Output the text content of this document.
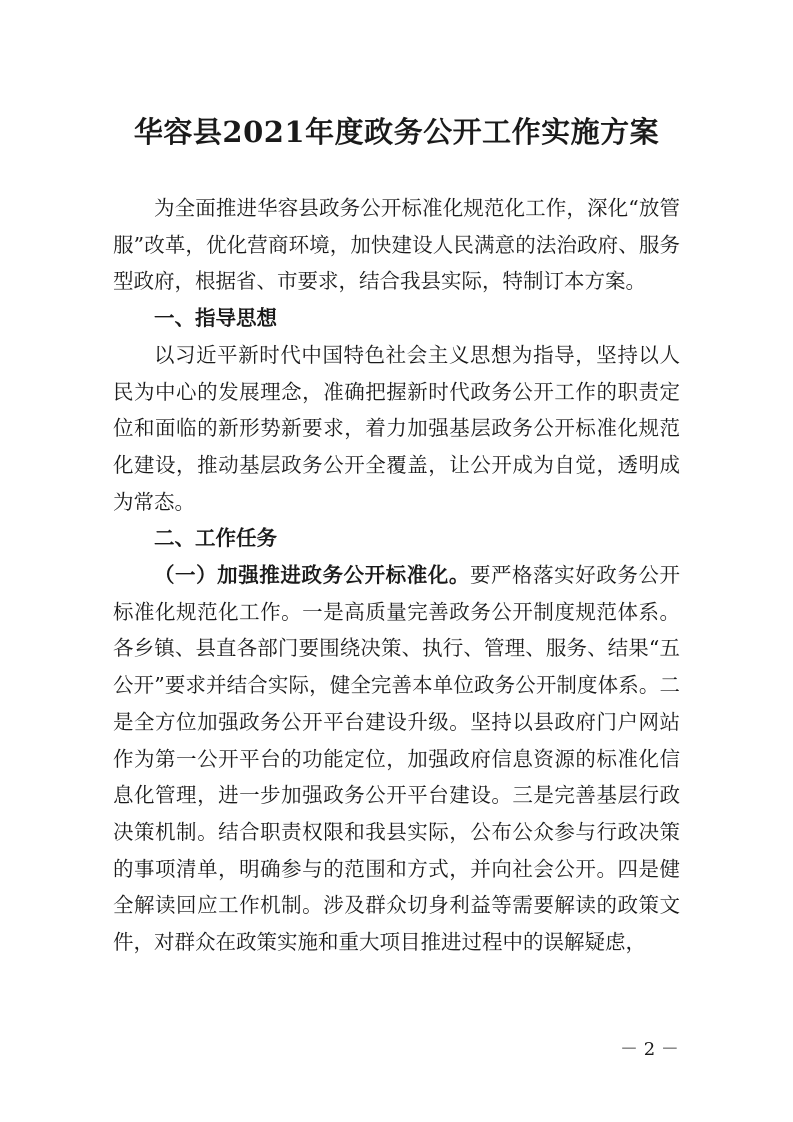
华容县2021年度政务公开工作实施方案

为全面推进华容县政务公开标准化规范化工作，深化“放管服”改革，优化营商环境，加快建设人民满意的法治政府、服务型政府，根据省、市要求，结合我县实际，特制订本方案。

一、指导思想

以习近平新时代中国特色社会主义思想为指导，坚持以人民为中心的发展理念，准确把握新时代政务公开工作的职责定位和面临的新形势新要求，着力加强基层政务公开标准化规范化建设，推动基层政务公开全覆盖，让公开成为自觉，透明成为常态。

二、工作任务

（一）加强推进政务公开标准化。要严格落实好政务公开标准化规范化工作。一是高质量完善政务公开制度规范体系。各乡镇、县直各部门要围绕决策、执行、管理、服务、结果“五公开”要求并结合实际，健全完善本单位政务公开制度体系。二是全方位加强政务公开平台建设升级。坚持以县政府门户网站作为第一公开平台的功能定位，加强政府信息资源的标准化信息化管理，进一步加强政务公开平台建设。三是完善基层行政决策机制。结合职责权限和我县实际，公布公众参与行政决策的事项清单，明确参与的范围和方式，并向社会公开。四是健全解读回应工作机制。涉及群众切身利益等需要解读的政策文件，对群众在政策实施和重大项目推进过程中的误解疑虑，

－ 2 －
